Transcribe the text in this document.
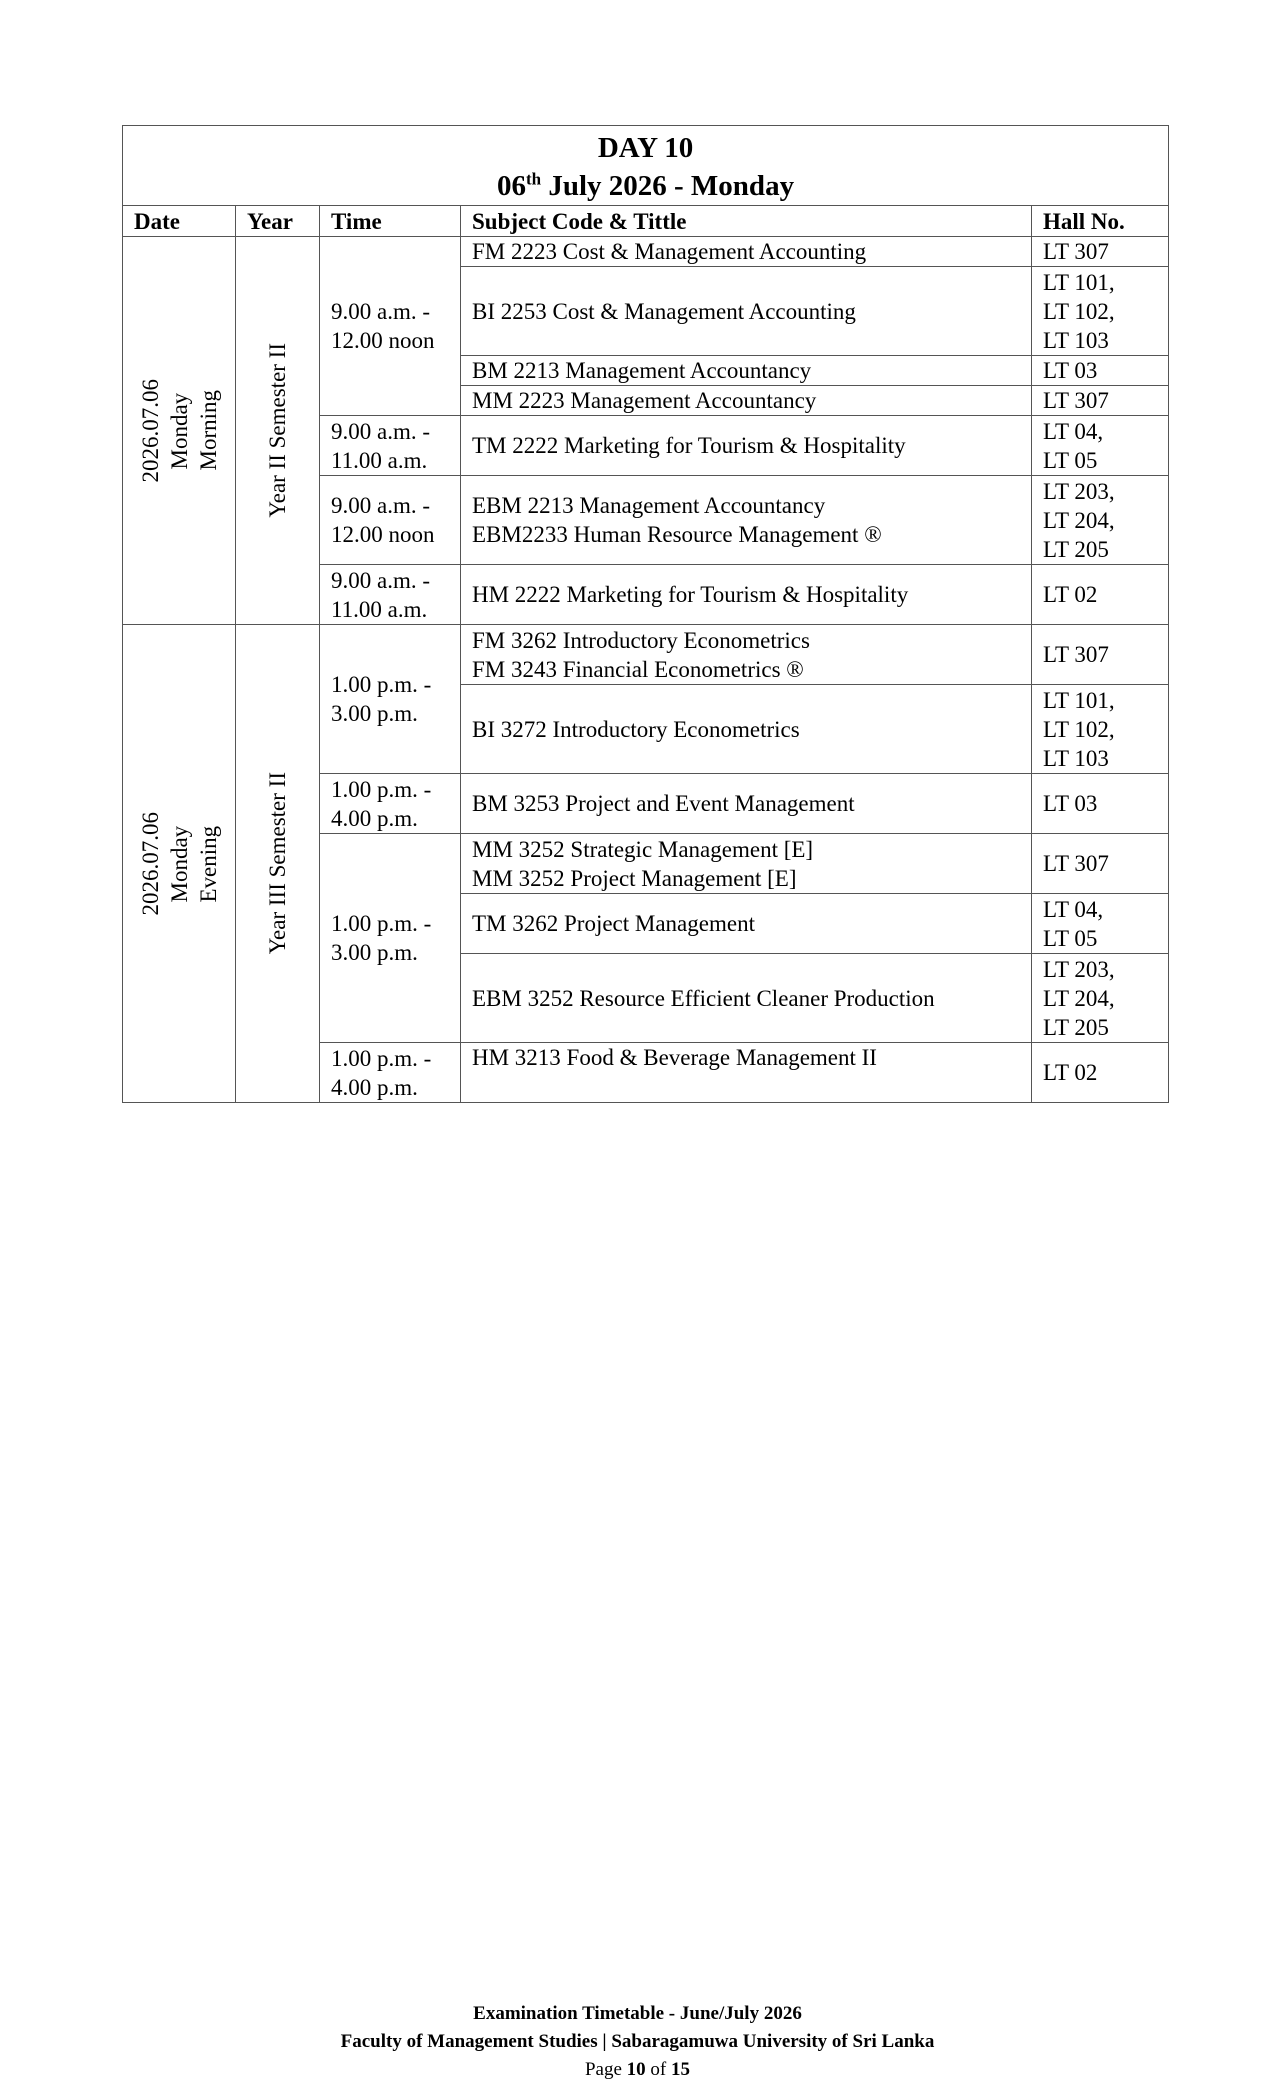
DAY 10
06th July 2026 - Monday				

Date	Year	Time	Subject Code & Tittle	Hall No.

2026.07.06 Monday Morning	Year II Semester II	9.00 a.m. -
12.00 noon	FM 2223 Cost & Management Accounting	LT 307

			BI 2253 Cost & Management Accounting	LT 101,
LT 102,
LT 103

			BM 2213 Management Accountancy	LT 03

			MM 2223 Management Accountancy	LT 307

		9.00 a.m. -
11.00 a.m.	TM 2222 Marketing for Tourism & Hospitality	LT 04,
LT 05

		9.00 a.m. -
12.00 noon	EBM 2213 Management Accountancy
EBM2233 Human Resource Management ®	LT 203,
LT 204,
LT 205

		9.00 a.m. -
11.00 a.m.	HM 2222 Marketing for Tourism & Hospitality	LT 02

2026.07.06 Monday Evening	Year III Semester II	1.00 p.m. -
3.00 p.m.	FM 3262 Introductory Econometrics
FM 3243 Financial Econometrics ®	LT 307

			BI 3272 Introductory Econometrics	LT 101,
LT 102,
LT 103

		1.00 p.m. -
4.00 p.m.	BM 3253 Project and Event Management	LT 03

		1.00 p.m. -
3.00 p.m.	MM 3252 Strategic Management [E]
MM 3252 Project Management [E]	LT 307

			TM 3262 Project Management	LT 04,
LT 05

			EBM 3252 Resource Efficient Cleaner Production	LT 203,
LT 204,
LT 205

		1.00 p.m. -
4.00 p.m.	HM 3213 Food & Beverage Management II	LT 02
Examination Timetable - June/July 2026
Faculty of Management Studies | Sabaragamuwa University of Sri Lanka
Page 10 of 15
